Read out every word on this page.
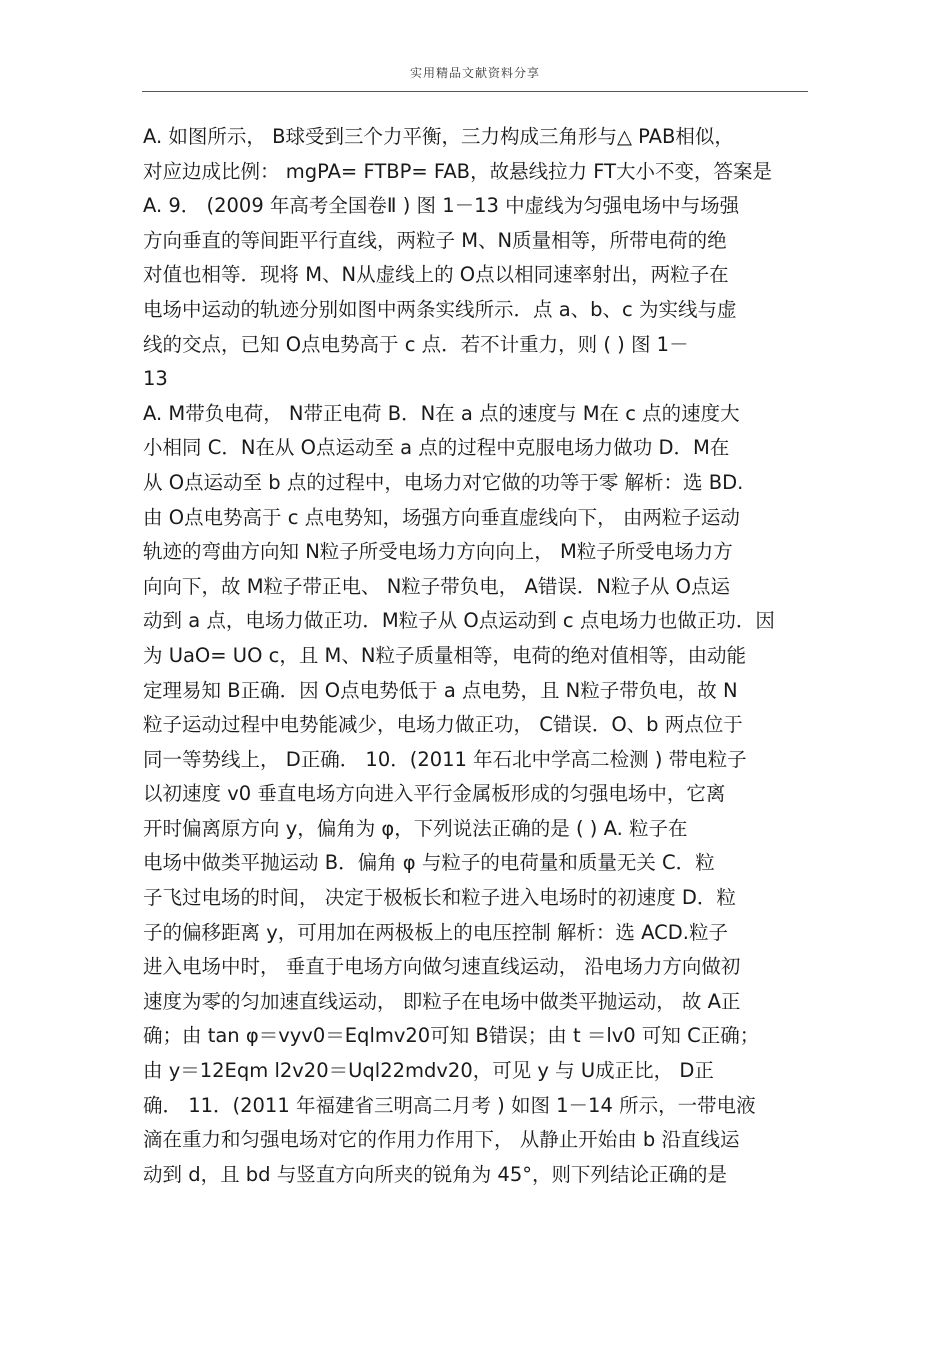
实用精品文献资料分享
A. 如图所示， B球受到三个力平衡，三力构成三角形与△ PAB相似，
对应边成比例： mgPA= FTBP= FAB，故悬线拉力 FT大小不变，答案是
A. 9． (2009 年高考全国卷Ⅱ ) 图 1－13 中虚线为匀强电场中与场强
方向垂直的等间距平行直线，两粒子 M、N质量相等，所带电荷的绝
对值也相等．现将 M、N从虚线上的 O点以相同速率射出，两粒子在
电场中运动的轨迹分别如图中两条实线所示．点 a、b、c 为实线与虚
线的交点，已知 O点电势高于 c 点．若不计重力，则 ( ) 图 1－
13
A. M带负电荷， N带正电荷 B．N在 a 点的速度与 M在 c 点的速度大
小相同 C．N在从 O点运动至 a 点的过程中克服电场力做功 D．M在
从 O点运动至 b 点的过程中，电场力对它做的功等于零 解析：选 BD.
由 O点电势高于 c 点电势知，场强方向垂直虚线向下， 由两粒子运动
轨迹的弯曲方向知 N粒子所受电场力方向向上， M粒子所受电场力方
向向下，故 M粒子带正电、 N粒子带负电， A错误．N粒子从 O点运
动到 a 点，电场力做正功．M粒子从 O点运动到 c 点电场力也做正功．因
为 UaO= UO c，且 M、N粒子质量相等，电荷的绝对值相等，由动能
定理易知 B正确．因 O点电势低于 a 点电势，且 N粒子带负电，故 N
粒子运动过程中电势能减少，电场力做正功， C错误．O、b 两点位于
同一等势线上， D正确． 10．(2011 年石北中学高二检测 ) 带电粒子
以初速度 v0 垂直电场方向进入平行金属板形成的匀强电场中，它离
开时偏离原方向 y，偏角为 φ，下列说法正确的是 ( ) A. 粒子在
电场中做类平抛运动 B．偏角 φ 与粒子的电荷量和质量无关 C．粒
子飞过电场的时间， 决定于极板长和粒子进入电场时的初速度 D．粒
子的偏移距离 y，可用加在两极板上的电压控制 解析：选 ACD.粒子
进入电场中时， 垂直于电场方向做匀速直线运动， 沿电场力方向做初
速度为零的匀加速直线运动， 即粒子在电场中做类平抛运动， 故 A正
确；由 tan φ＝vyv0＝Eqlmv20可知 B错误；由 t ＝lv0 可知 C正确；
由 y＝12Eqm l2v20＝Uql22mdv20，可见 y 与 U成正比， D正
确． 11．(2011 年福建省三明高二月考 ) 如图 1－14 所示，一带电液
滴在重力和匀强电场对它的作用力作用下， 从静止开始由 b 沿直线运
动到 d，且 bd 与竖直方向所夹的锐角为 45°，则下列结论正确的是
